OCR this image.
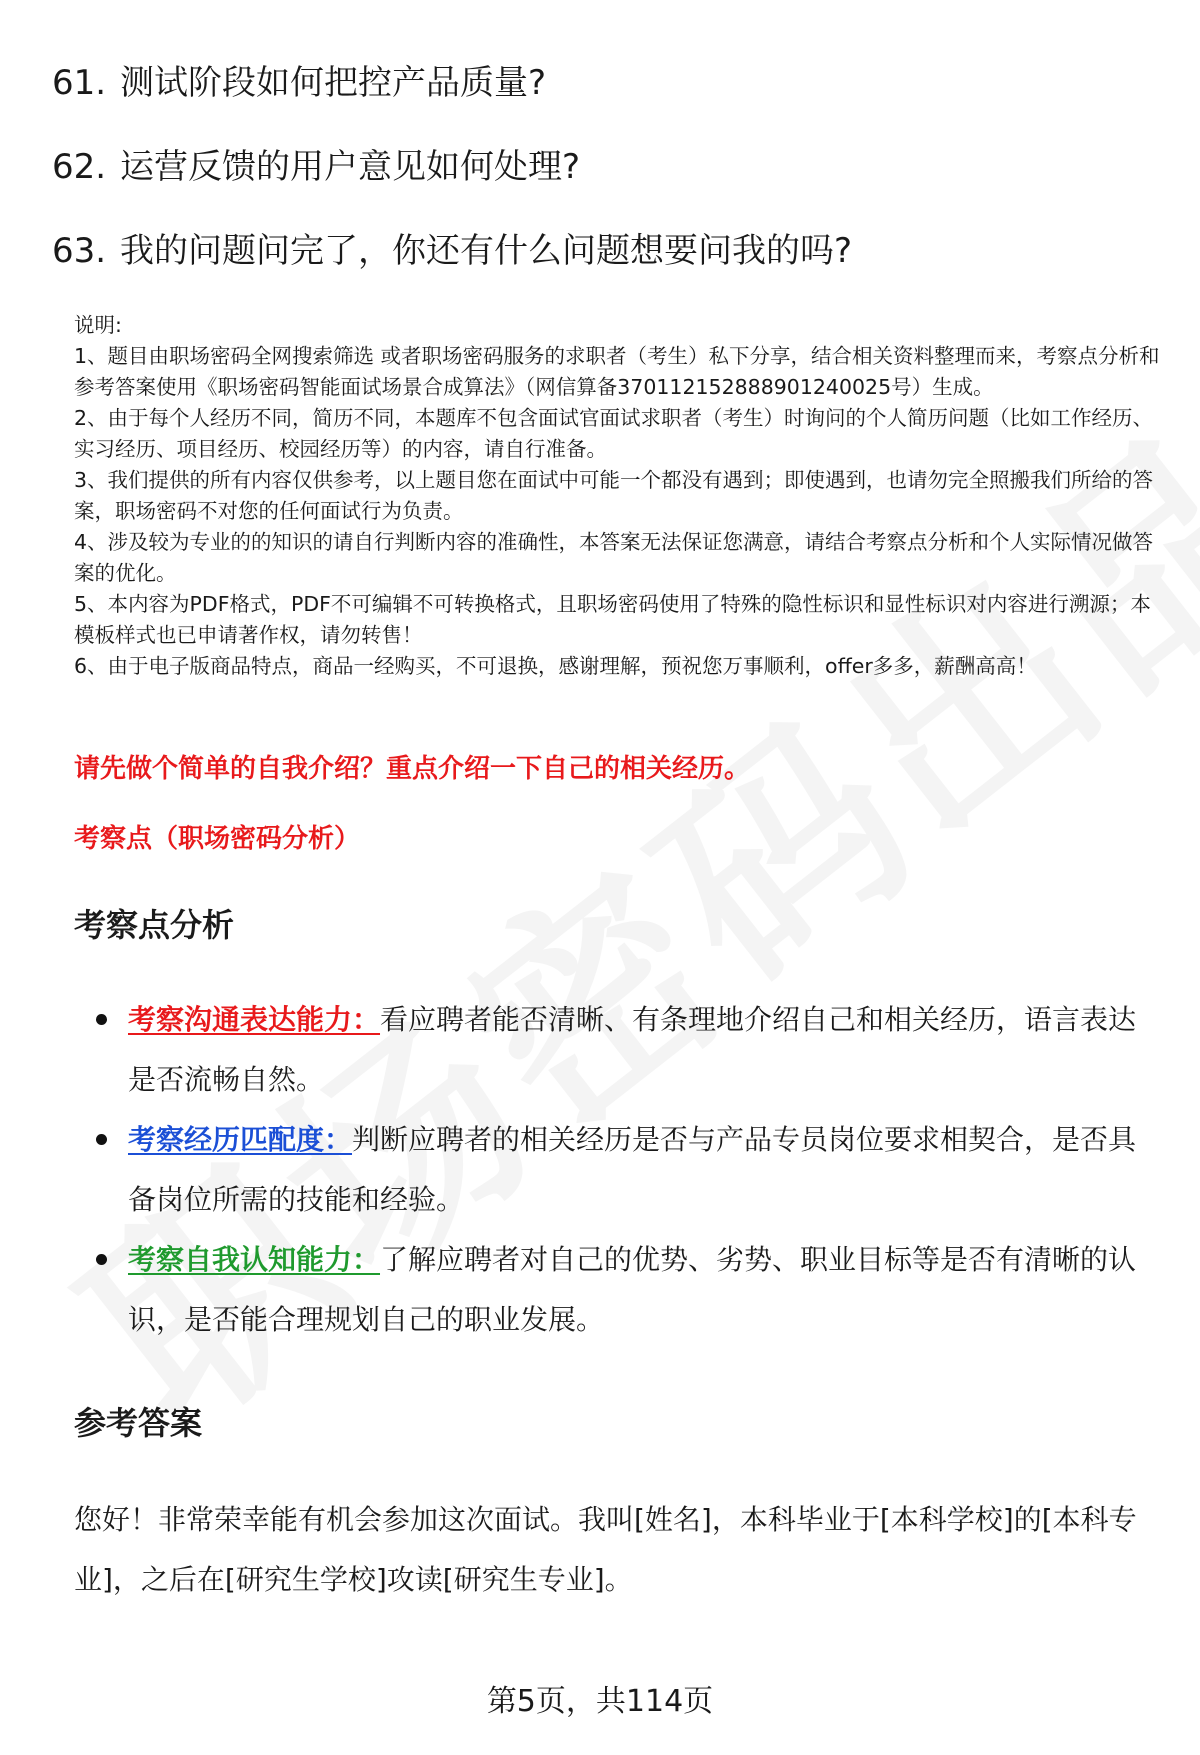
61. 测试阶段如何把控产品质量?
62. 运营反馈的用户意见如何处理?
63. 我的问题问完了，你还有什么问题想要问我的吗?

说明:

1、题目由职场密码全网搜索筛选 或者职场密码服务的求职者（考生）私下分享，结合相关资料整理而来，考察点分析和参考答案使用《职场密码智能面试场景合成算法》（网信算备370112152888901240025号）生成。

2、由于每个人经历不同，简历不同，本题库不包含面试官面试求职者（考生）时询问的个人简历问题（比如工作经历、实习经历、项目经历、校园经历等）的内容，请自行准备。

3、我们提供的所有内容仅供参考，以上题目您在面试中可能一个都没有遇到；即使遇到，也请勿完全照搬我们所给的答案，职场密码不对您的任何面试行为负责。

4、涉及较为专业的的知识的请自行判断内容的准确性，本答案无法保证您满意，请结合考察点分析和个人实际情况做答案的优化。

5、本内容为PDF格式，PDF不可编辑不可转换格式，且职场密码使用了特殊的隐性标识和显性标识对内容进行溯源；本模板样式也已申请著作权，请勿转售！

6、由于电子版商品特点，商品一经购买，不可退换，感谢理解，预祝您万事顺利，offer多多，薪酬高高！

请先做个简单的自我介绍？重点介绍一下自己的相关经历。
考察点（职场密码分析）
考察点分析
考察沟通表达能力：看应聘者能否清晰、有条理地介绍自己和相关经历，语言表达是否流畅自然。
考察经历匹配度：判断应聘者的相关经历是否与产品专员岗位要求相契合，是否具备岗位所需的技能和经验。
考察自我认知能力：了解应聘者对自己的优势、劣势、职业目标等是否有清晰的认识，是否能合理规划自己的职业发展。
参考答案

您好！非常荣幸能有机会参加这次面试。我叫[姓名]，本科毕业于[本科学校]的[本科专业]，之后在[研究生学校]攻读[研究生专业]。

第5页，共114页
